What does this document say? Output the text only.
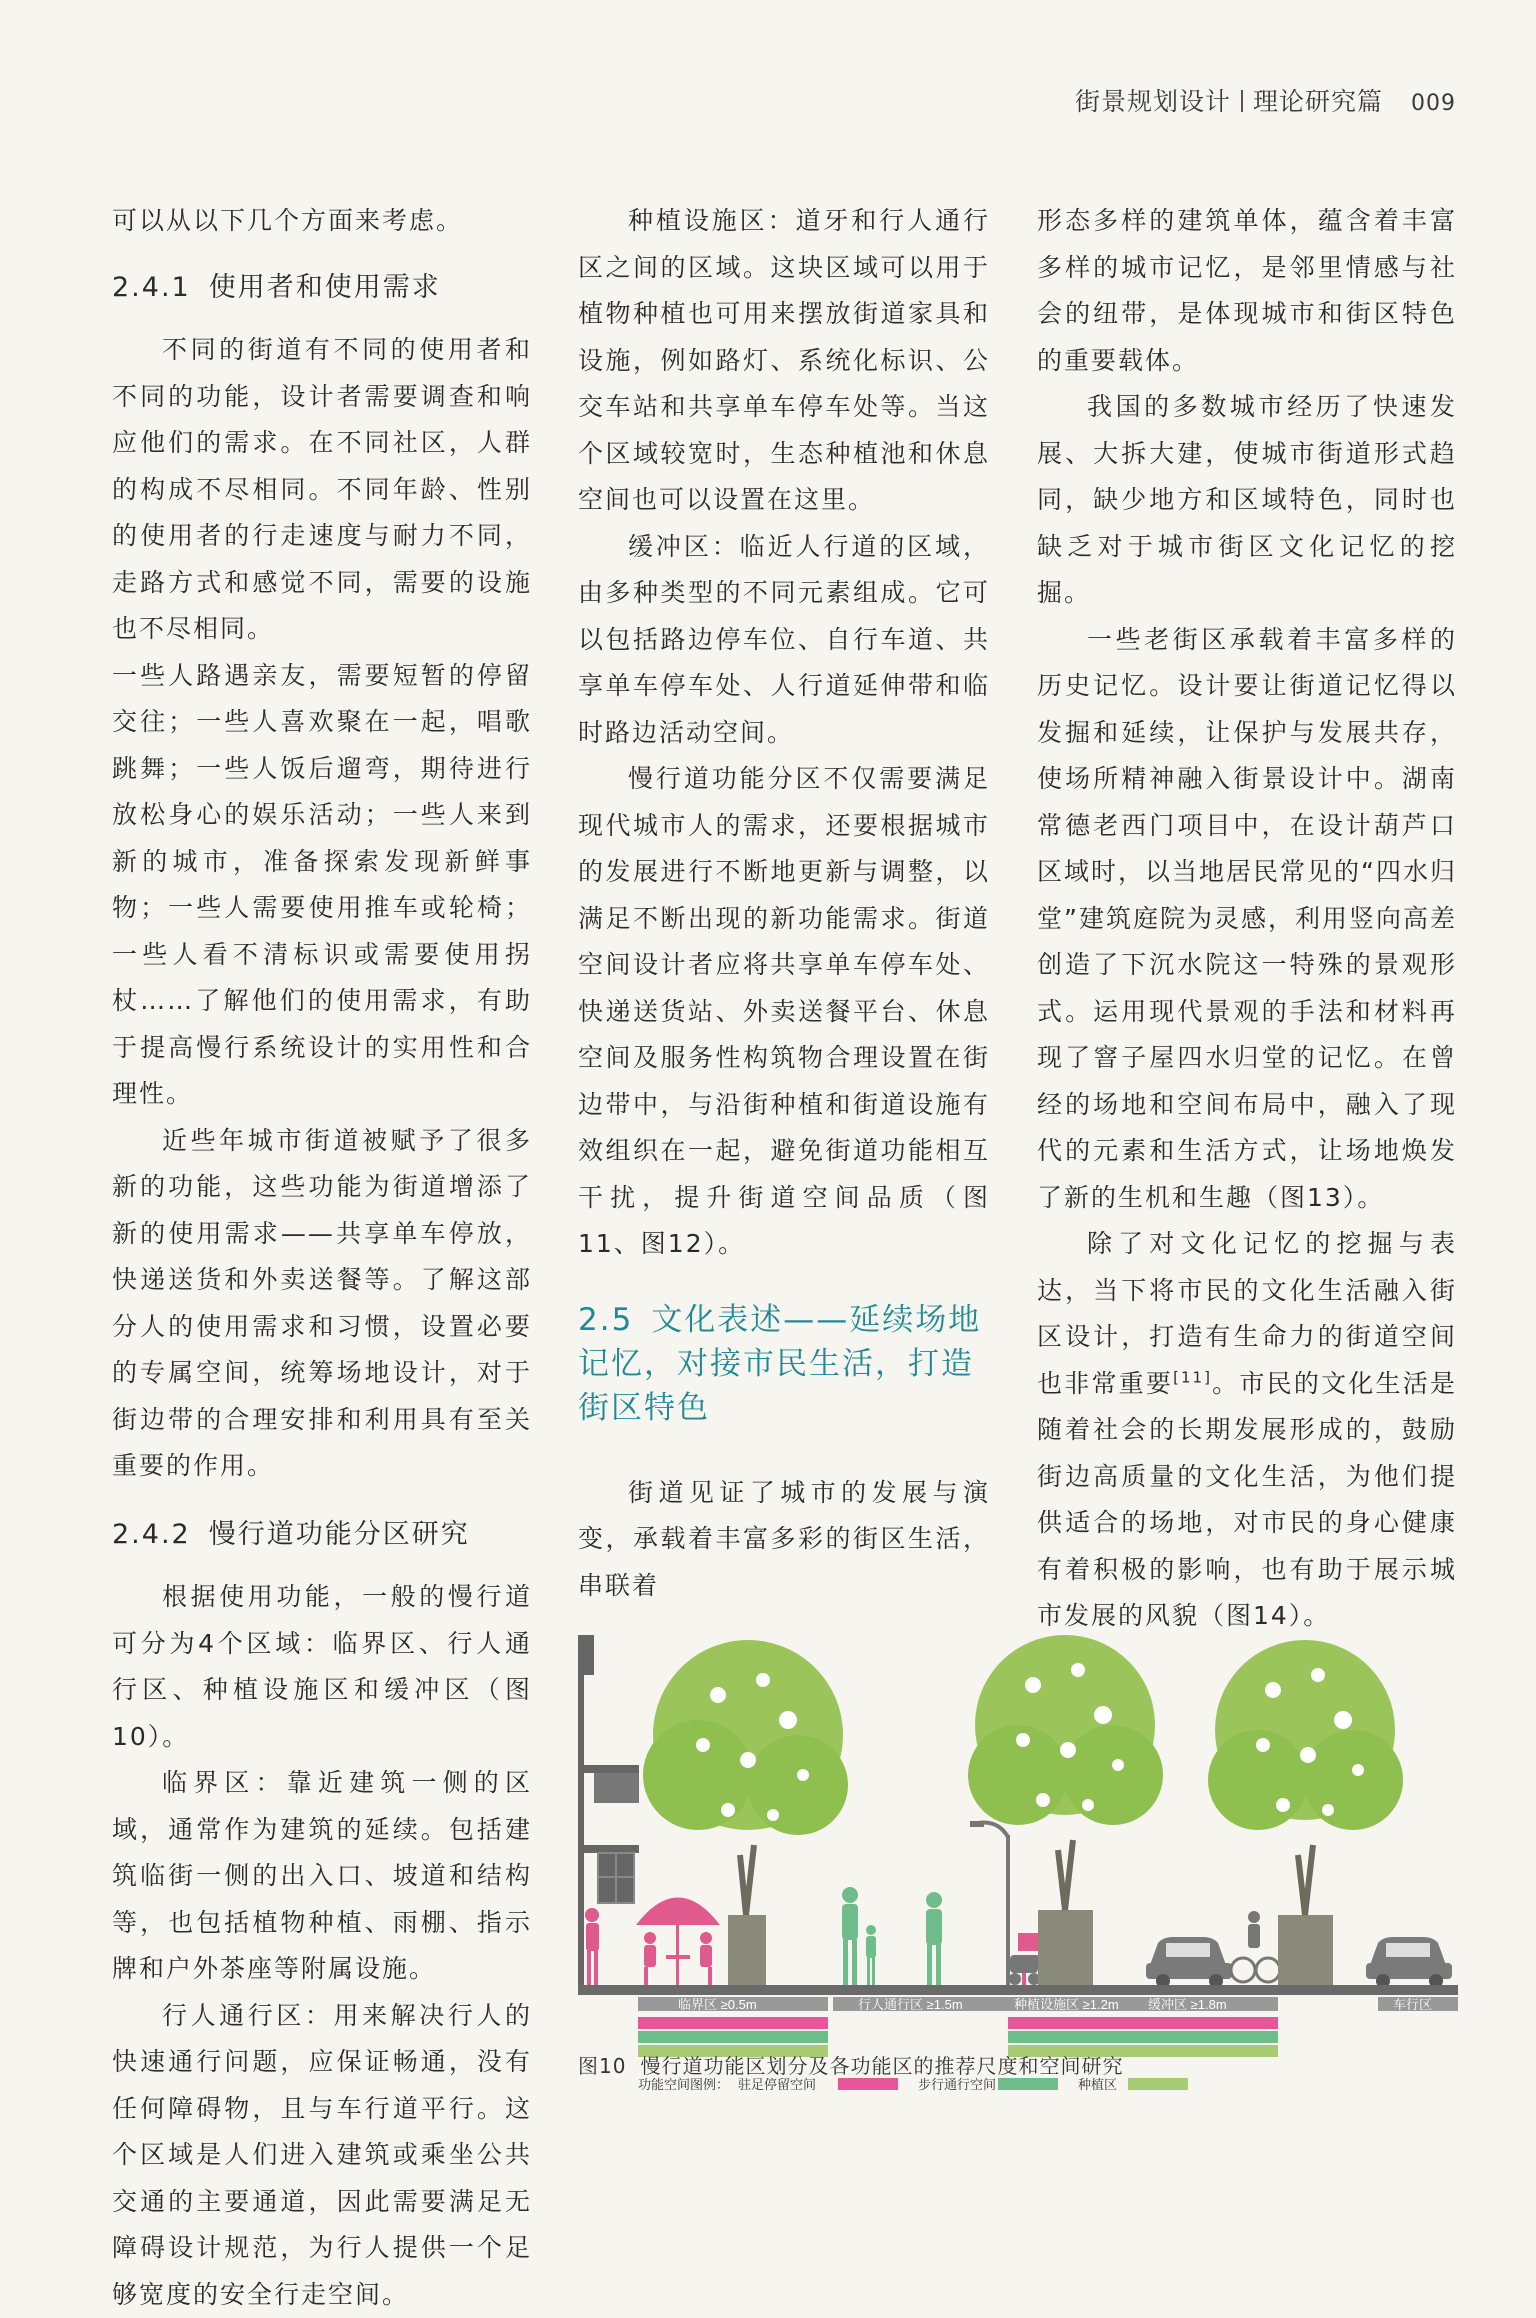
街景规划设计 理论研究篇 009

可以从以下几个方面来考虑。

2.4.1 使用者和使用需求

不同的街道有不同的使用者和不同的功能，设计者需要调查和响应他们的需求。在不同社区，人群的构成不尽相同。不同年龄、性别的使用者的行走速度与耐力不同，走路方式和感觉不同，需要的设施也不尽相同。

一些人路遇亲友，需要短暂的停留交往；一些人喜欢聚在一起，唱歌跳舞；一些人饭后遛弯，期待进行放松身心的娱乐活动；一些人来到新的城市，准备探索发现新鲜事物；一些人需要使用推车或轮椅；一些人看不清标识或需要使用拐杖……了解他们的使用需求，有助于提高慢行系统设计的实用性和合理性。

近些年城市街道被赋予了很多新的功能，这些功能为街道增添了新的使用需求——共享单车停放，快递送货和外卖送餐等。了解这部分人的使用需求和习惯，设置必要的专属空间，统筹场地设计，对于街边带的合理安排和利用具有至关重要的作用。

2.4.2 慢行道功能分区研究

根据使用功能，一般的慢行道可分为4个区域：临界区、行人通行区、种植设施区和缓冲区（图10）。

临界区：靠近建筑一侧的区域，通常作为建筑的延续。包括建筑临街一侧的出入口、坡道和结构等，也包括植物种植、雨棚、指示牌和户外茶座等附属设施。

行人通行区：用来解决行人的快速通行问题，应保证畅通，没有任何障碍物，且与车行道平行。这个区域是人们进入建筑或乘坐公共交通的主要通道，因此需要满足无障碍设计规范，为行人提供一个足够宽度的安全行走空间。

种植设施区：道牙和行人通行区之间的区域。这块区域可以用于植物种植也可用来摆放街道家具和设施，例如路灯、系统化标识、公交车站和共享单车停车处等。当这个区域较宽时，生态种植池和休息空间也可以设置在这里。

缓冲区：临近人行道的区域，由多种类型的不同元素组成。它可以包括路边停车位、自行车道、共享单车停车处、人行道延伸带和临时路边活动空间。

慢行道功能分区不仅需要满足现代城市人的需求，还要根据城市的发展进行不断地更新与调整，以满足不断出现的新功能需求。街道空间设计者应将共享单车停车处、快递送货站、外卖送餐平台、休息空间及服务性构筑物合理设置在街边带中，与沿街种植和街道设施有效组织在一起，避免街道功能相互干扰，提升街道空间品质（图11、图12）。

2.5 文化表述——延续场地记忆，对接市民生活，打造街区特色

街道见证了城市的发展与演变，承载着丰富多彩的街区生活，串联着

形态多样的建筑单体，蕴含着丰富多样的城市记忆，是邻里情感与社会的纽带，是体现城市和街区特色的重要载体。

我国的多数城市经历了快速发展、大拆大建，使城市街道形式趋同，缺少地方和区域特色，同时也缺乏对于城市街区文化记忆的挖掘。

一些老街区承载着丰富多样的历史记忆。设计要让街道记忆得以发掘和延续，让保护与发展共存，使场所精神融入街景设计中。湖南常德老西门项目中，在设计葫芦口区域时，以当地居民常见的“四水归堂”建筑庭院为灵感，利用竖向高差创造了下沉水院这一特殊的景观形式。运用现代景观的手法和材料再现了窨子屋四水归堂的记忆。在曾经的场地和空间布局中，融入了现代的元素和生活方式，让场地焕发了新的生机和生趣（图13）。

除了对文化记忆的挖掘与表达，当下将市民的文化生活融入街区设计，打造有生命力的街道空间也非常重要[11]。市民的文化生活是随着社会的长期发展形成的，鼓励街边高质量的文化生活，为他们提供适合的场地，对市民的身心健康有着积极的影响，也有助于展示城市发展的风貌（图14）。

临界区 ≥0.5m	行人通行区 ≥1.5m	种植设施区 ≥1.2m 缓冲区 ≥1.8m	车行区
功能空间图例： 驻足停留空间	步行通行空间	种植区
图10 慢行道功能区划分及各功能区的推荐尺度和空间研究
